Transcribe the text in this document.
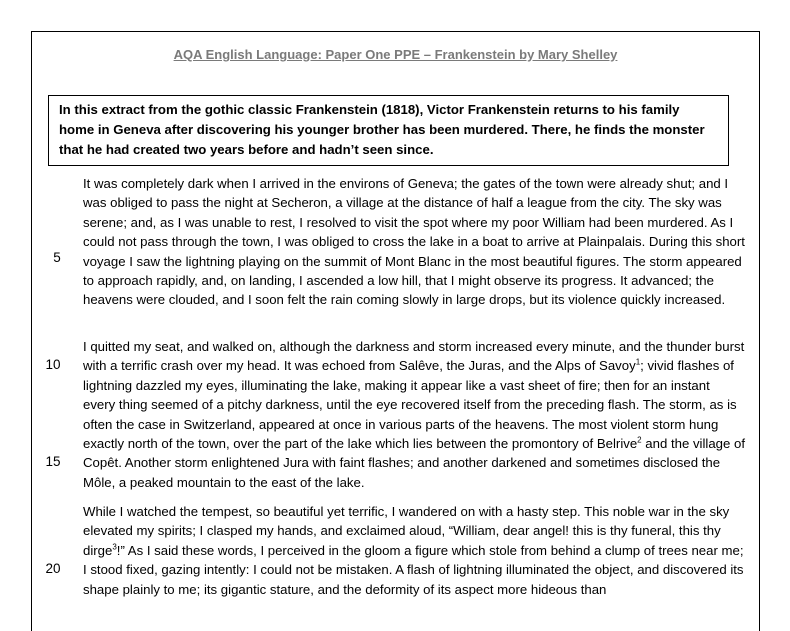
AQA English Language: Paper One PPE – Frankenstein by Mary Shelley
In this extract from the gothic classic Frankenstein (1818), Victor Frankenstein returns to his family home in Geneva after discovering his younger brother has been murdered. There, he finds the monster that he had created two years before and hadn’t seen since.
5
10
15
20

It was completely dark when I arrived in the environs of Geneva; the gates of the town were already shut; and I was obliged to pass the night at Secheron, a village at the distance of half a league from the city. The sky was serene; and, as I was unable to rest, I resolved to visit the spot where my poor William had been murdered. As I could not pass through the town, I was obliged to cross the lake in a boat to arrive at Plainpalais. During this short voyage I saw the lightning playing on the summit of Mont Blanc in the most beautiful figures. The storm appeared to approach rapidly, and, on landing, I ascended a low hill, that I might observe its progress. It advanced; the heavens were clouded, and I soon felt the rain coming slowly in large drops, but its violence quickly increased.

I quitted my seat, and walked on, although the darkness and storm increased every minute, and the thunder burst with a terrific crash over my head. It was echoed from Salêve, the Juras, and the Alps of Savoy$^1$; vivid flashes of lightning dazzled my eyes, illuminating the lake, making it appear like a vast sheet of fire; then for an instant every thing seemed of a pitchy darkness, until the eye recovered itself from the preceding flash. The storm, as is often the case in Switzerland, appeared at once in various parts of the heavens. The most violent storm hung exactly north of the town, over the part of the lake which lies between the promontory of Belrive$^2$ and the village of Copêt. Another storm enlightened Jura with faint flashes; and another darkened and sometimes disclosed the Môle, a peaked mountain to the east of the lake.

While I watched the tempest, so beautiful yet terrific, I wandered on with a hasty step. This noble war in the sky elevated my spirits; I clasped my hands, and exclaimed aloud, “William, dear angel! this is thy funeral, this thy dirge$^3$!” As I said these words, I perceived in the gloom a figure which stole from behind a clump of trees near me; I stood fixed, gazing intently: I could not be mistaken. A flash of lightning illuminated the object, and discovered its shape plainly to me; its gigantic stature, and the deformity of its aspect more hideous than
